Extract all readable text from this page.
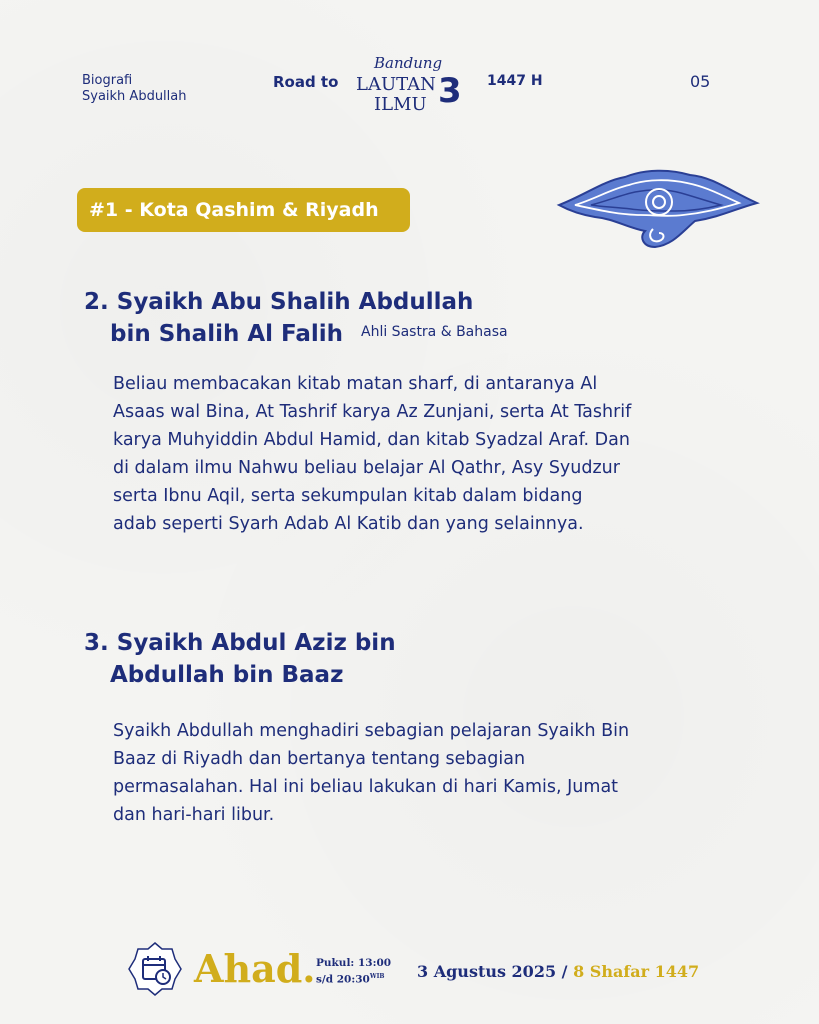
Biografi
Syaikh Abdullah
Road to
Bandung
LAUTAN 3
ILMU
1447 H	05
#1 - Kota Qashim & Riyadh
2. Syaikh Abu Shalih Abdullah
bin Shalih Al Falih Ahli Sastra & Bahasa
Beliau membacakan kitab matan sharf, di antaranya Al
Asaas wal Bina, At Tashrif karya Az Zunjani, serta At Tashrif
karya Muhyiddin Abdul Hamid, dan kitab Syadzal Araf. Dan
di dalam ilmu Nahwu beliau belajar Al Qathr, Asy Syudzur
serta Ibnu Aqil, serta sekumpulan kitab dalam bidang
adab seperti Syarh Adab Al Katib dan yang selainnya.
3. Syaikh Abdul Aziz bin
Abdullah bin Baaz
Syaikh Abdullah menghadiri sebagian pelajaran Syaikh Bin
Baaz di Riyadh dan bertanya tentang sebagian
permasalahan. Hal ini beliau lakukan di hari Kamis, Jumat
dan hari-hari libur.
Ahad. Pukul: 13:00
s/d $20:30^{WIB}$	3 Agustus 2025 / 8 Shafar 1447
